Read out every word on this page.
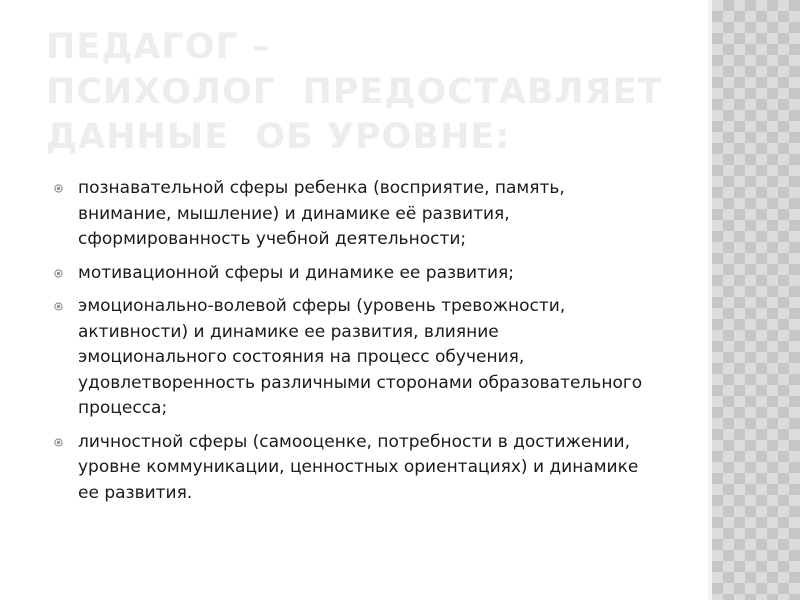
ПЕДАГОГ –
ПСИХОЛОГ  ПРЕДОСТАВЛЯЕТ
ДАННЫЕ  ОБ УРОВНЕ:
познавательной сферы ребенка (восприятие, память, внимание, мышление) и динамике её развития, сформированность учебной деятельности;
мотивационной сферы и динамике ее развития;
эмоционально-волевой сферы (уровень тревожности, активности) и динамике ее развития, влияние эмоционального состояния на процесс обучения, удовлетворенность различными сторонами образовательного процесса;
личностной сферы (самооценке, потребности в достижении, уровне коммуникации, ценностных ориентациях) и динамике ее развития.
